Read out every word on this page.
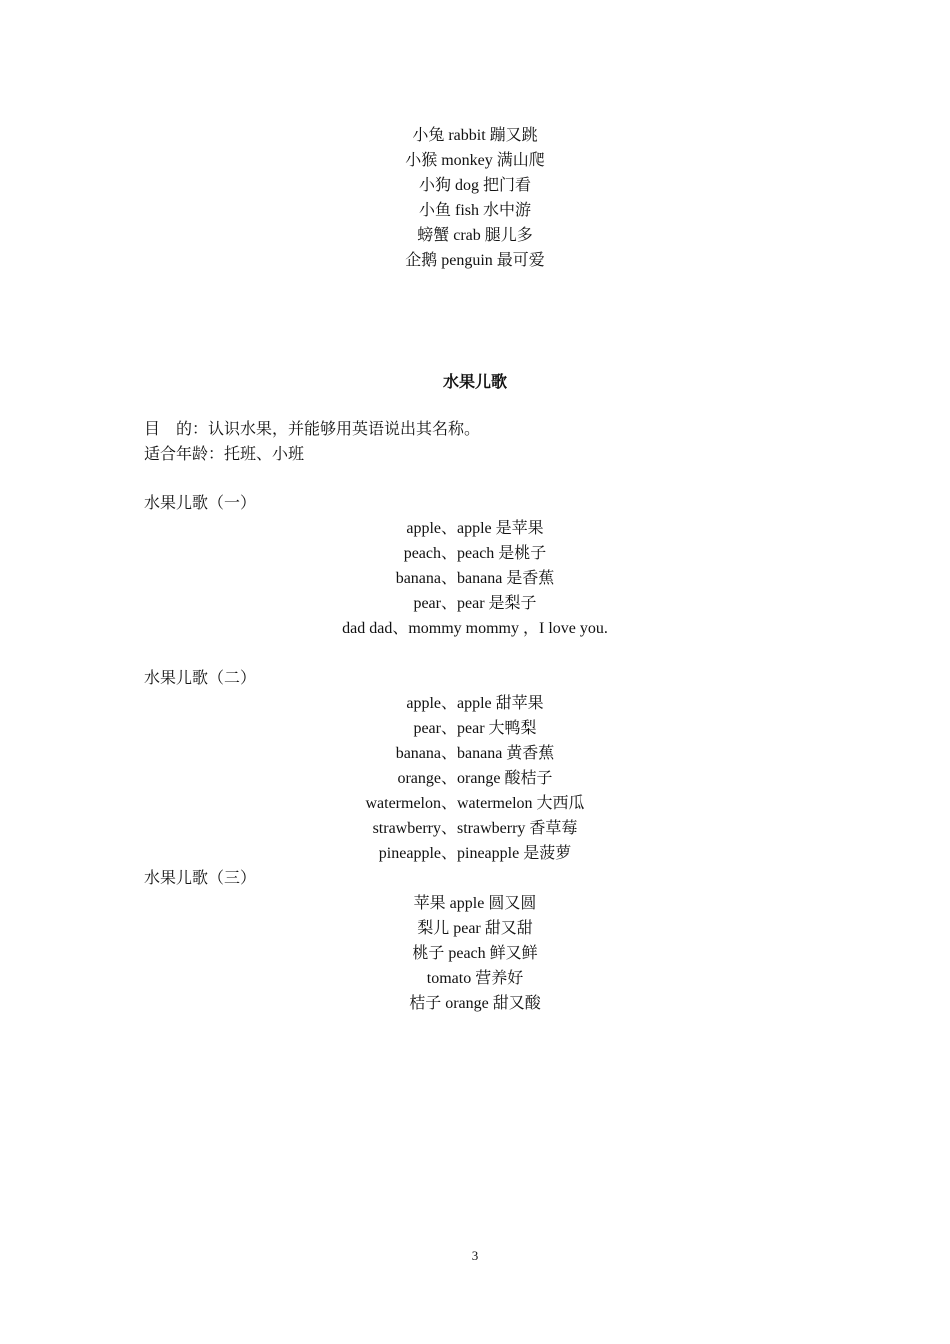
小兔 rabbit 蹦又跳
小猴 monkey 满山爬
小狗 dog 把门看
小鱼 fish 水中游
螃蟹 crab 腿儿多
企鹅 penguin 最可爱
水果儿歌
目　的：认识水果，并能够用英语说出其名称。
适合年龄：托班、小班
水果儿歌（一）
apple、apple 是苹果
peach、peach 是桃子
banana、banana 是香蕉
pear、pear 是梨子
dad dad、mommy mommy ，I love you.
水果儿歌（二）
apple、apple 甜苹果
pear、pear 大鸭梨
banana、banana 黄香蕉
orange、orange 酸桔子
watermelon、watermelon 大西瓜
strawberry、strawberry 香草莓
pineapple、pineapple 是菠萝
水果儿歌（三）
苹果 apple 圆又圆
梨儿 pear 甜又甜
桃子 peach 鲜又鲜
tomato 营养好
桔子 orange 甜又酸
3
